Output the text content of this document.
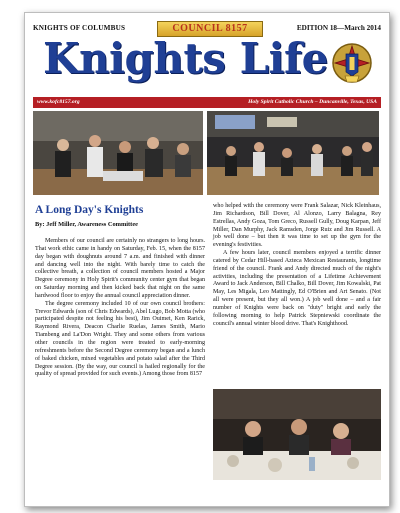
KNIGHTS OF COLUMBUS	EDITION 18—March 2014
COUNCIL 8157
Knights Life
www.kofc8157.org	Holy Spirit Catholic Church – Duncanville, Texas, USA
A Long Day's Knights
By: Jeff Miller, Awareness Committee

Members of our council are certainly no strangers to long hours. That work ethic came in handy on Saturday, Feb. 15, when the 8157 day began with doughnuts around 7 a.m. and finished with dinner and dancing well into the night. With barely time to catch the collective breath, a collection of council members hosted a Major Degree ceremony in Holy Spirit's community center gym that began on Saturday morning and then kicked back that night on the same hardwood floor to enjoy the annual council appreciation dinner.

The degree ceremony included 10 of our own council brothers: Trevor Edwards (son of Chris Edwards), Abel Lugo, Bob Motta (who participated despite not feeling his best), Jim Ouimet, Ken Rarick, Raymond Rivera, Deacon Charlie Ruelas, James Smith, Mario Tiambeng and La'Don Wright. They and some others from various other councils in the region were treated to early-morning refreshments before the Second Degree ceremony began and a lunch of baked chicken, mixed vegetables and potato salad after the Third Degree session. (By the way, our council is hailed regionally for the quality of spread provided for such events.) Among those from 8157

who helped with the ceremony were Frank Salazar, Nick Kleinhaus, Jim Richardson, Bill Dover, Al Alonzo, Larry Balagna, Rey Estrellas, Andy Goza, Tom Greco, Russell Gully, Doug Karpan, Jeff Miller, Dan Murphy, Jack Ramsden, Jorge Ruiz and Jim Russell. A job well done – but then it was time to set up the gym for the evening's festivities.

A few hours later, council members enjoyed a terrific dinner catered by Cedar Hill-based Azteca Mexican Restaurants, longtime friend of the council. Frank and Andy directed much of the night's activities, including the presentation of a Lifetime Achievement Award to Jack Anderson, Bill Chalko, Bill Dover, Jim Kowalski, Pat May, Les Migala, Leo Mattingly, Ed O'Brien and Art Senato. (Not all were present, but they all won.) A job well done – and a fair number of Knights were back on "duty" bright and early the following morning to help Patrick Stepniewski coordinate the council's annual winter blood drive. That's Knighthood.
